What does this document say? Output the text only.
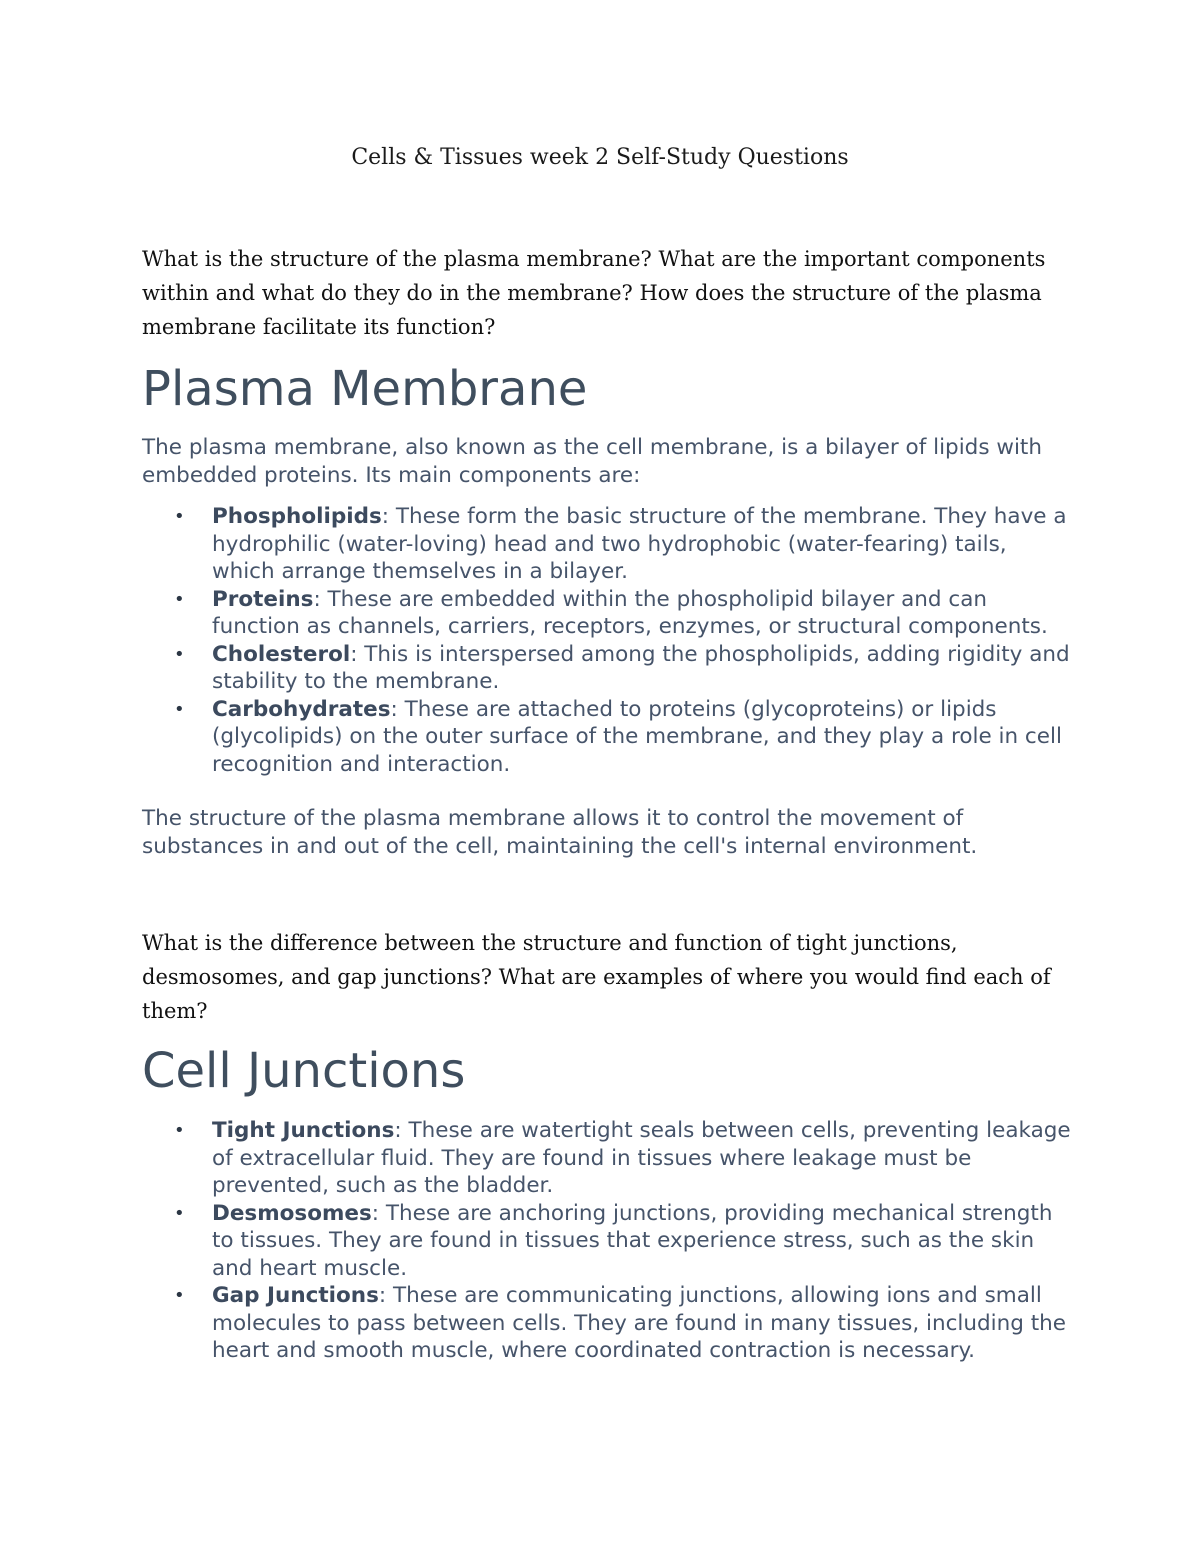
Cells & Tissues week 2 Self-Study Questions
What is the structure of the plasma membrane? What are the important components within and what do they do in the membrane? How does the structure of the plasma membrane facilitate its function?
Plasma Membrane
The plasma membrane, also known as the cell membrane, is a bilayer of lipids with embedded proteins. Its main components are:
• Phospholipids: These form the basic structure of the membrane. They have a hydrophilic (water-loving) head and two hydrophobic (water-fearing) tails, which arrange themselves in a bilayer.
• Proteins: These are embedded within the phospholipid bilayer and can function as channels, carriers, receptors, enzymes, or structural components.
• Cholesterol: This is interspersed among the phospholipids, adding rigidity and stability to the membrane.
• Carbohydrates: These are attached to proteins (glycoproteins) or lipids (glycolipids) on the outer surface of the membrane, and they play a role in cell recognition and interaction.
The structure of the plasma membrane allows it to control the movement of substances in and out of the cell, maintaining the cell's internal environment.
What is the difference between the structure and function of tight junctions, desmosomes, and gap junctions? What are examples of where you would find each of them?
Cell Junctions
• Tight Junctions: These are watertight seals between cells, preventing leakage of extracellular fluid. They are found in tissues where leakage must be prevented, such as the bladder.
• Desmosomes: These are anchoring junctions, providing mechanical strength to tissues. They are found in tissues that experience stress, such as the skin and heart muscle.
• Gap Junctions: These are communicating junctions, allowing ions and small molecules to pass between cells. They are found in many tissues, including the heart and smooth muscle, where coordinated contraction is necessary.
